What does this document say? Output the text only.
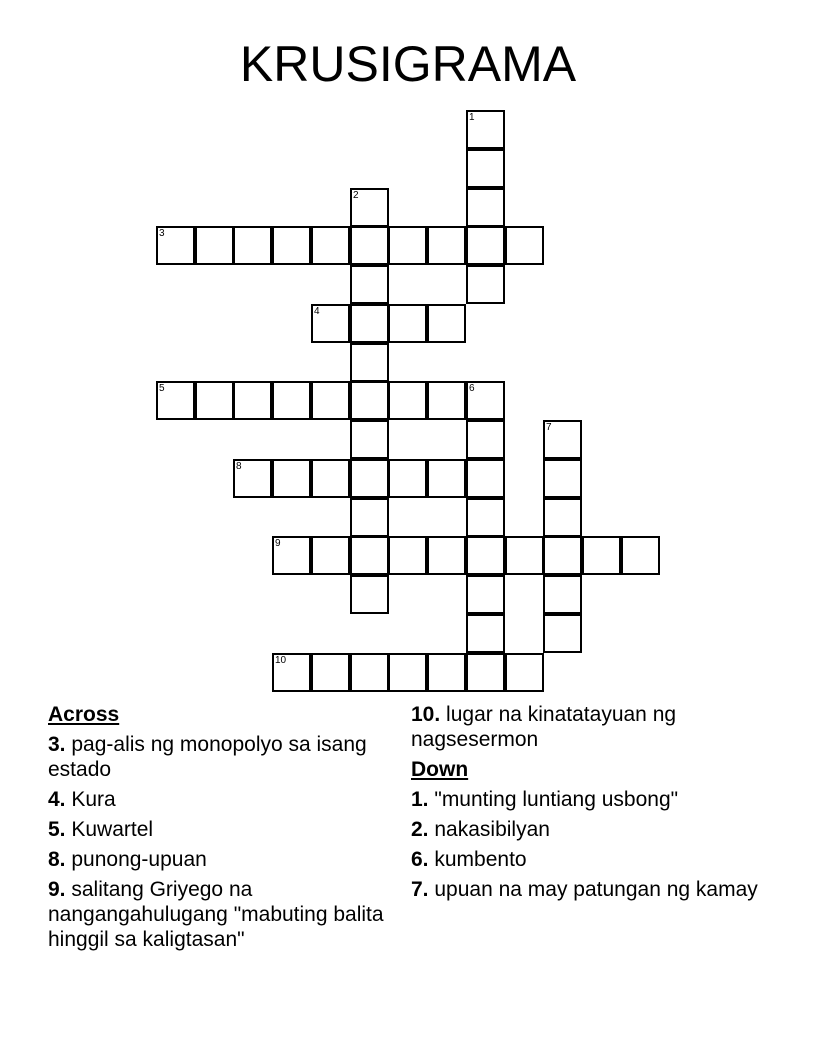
KRUSIGRAMA
1
2
3
4
5	6
7
8
9
10
Across
3. pag-alis ng monopolyo sa isang estado
4. Kura
5. Kuwartel
8. punong-upuan
9. salitang Griyego na nangangahulugang "mabuting balita hinggil sa kaligtasan"
10. lugar na kinatatayuan ng nagsesermon
Down
1. "munting luntiang usbong"
2. nakasibilyan
6. kumbento
7. upuan na may patungan ng kamay
